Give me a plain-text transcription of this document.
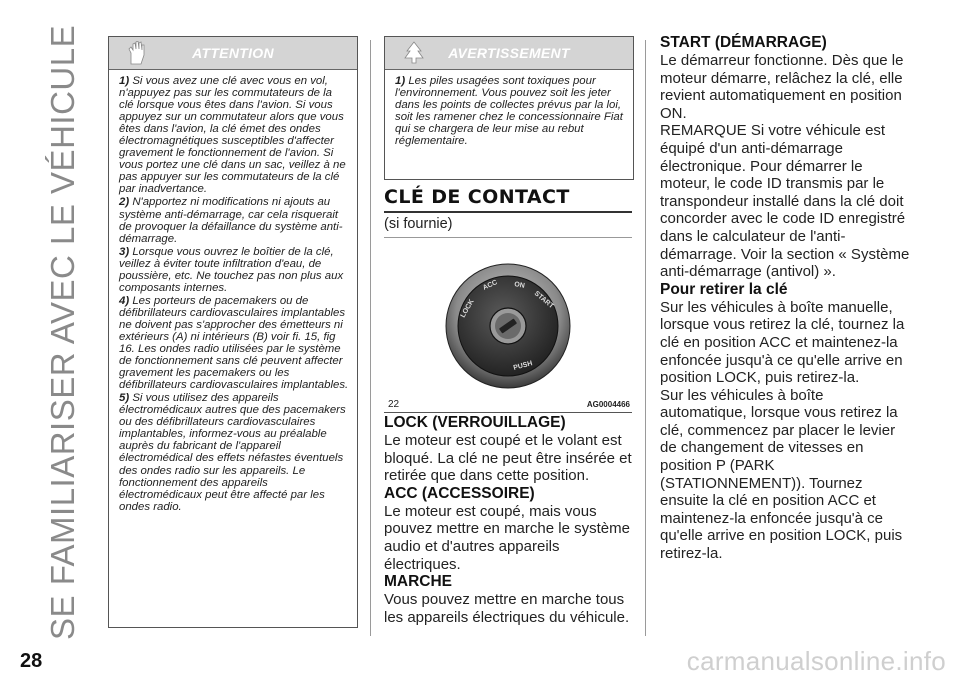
SE FAMILIARISER AVEC LE VÉHICULE	ATTENTION

1) Si vous avez une clé avec vous en vol, n'appuyez pas sur les commutateurs de la clé lorsque vous êtes dans l'avion. Si vous appuyez sur un commutateur alors que vous êtes dans l'avion, la clé émet des ondes électromagnétiques susceptibles d'affecter gravement le fonctionnement de l'avion. Si vous portez une clé dans un sac, veillez à ne pas appuyer sur les commutateurs de la clé par inadvertance.

2) N'apportez ni modifications ni ajouts au système anti-démarrage, car cela risquerait de provoquer la défaillance du système anti-démarrage.

3) Lorsque vous ouvrez le boîtier de la clé, veillez à éviter toute infiltration d'eau, de poussière, etc. Ne touchez pas non plus aux composants internes.

4) Les porteurs de pacemakers ou de défibrillateurs cardiovasculaires implantables ne doivent pas s'approcher des émetteurs ni extérieurs (A) ni intérieurs (B) voir fi. 15, fig 16. Les ondes radio utilisées par le système de fonctionnement sans clé peuvent affecter gravement les pacemakers ou les défibrillateurs cardiovasculaires implantables.

5) Si vous utilisez des appareils électromédicaux autres que des pacemakers ou des défibrillateurs cardiovasculaires implantables, informez-vous au préalable auprès du fabricant de l'appareil électromédical des effets néfastes éventuels des ondes radio sur les appareils. Le fonctionnement des appareils électromédicaux peut être affecté par les ondes radio.

AVERTISSEMENT

1) Les piles usagées sont toxiques pour l'environnement. Vous pouvez soit les jeter dans les points de collectes prévus par la loi, soit les ramener chez le concessionnaire Fiat qui se chargera de leur mise au rebut réglementaire.

CLÉ DE CONTACT
(si fournie)
LOCK
ACC ON
START
PUSH
22	AG0004466
LOCK (VERROUILLAGE)

Le moteur est coupé et le volant est bloqué. La clé ne peut être insérée et retirée que dans cette position.

ACC (ACCESSOIRE)

Le moteur est coupé, mais vous pouvez mettre en marche le système audio et d'autres appareils électriques.

MARCHE

Vous pouvez mettre en marche tous les appareils électriques du véhicule.

START (DÉMARRAGE)

Le démarreur fonctionne. Dès que le moteur démarre, relâchez la clé, elle revient automatiquement en position ON.

REMARQUE Si votre véhicule est équipé d'un anti-démarrage électronique. Pour démarrer le moteur, le code ID transmis par le transpondeur installé dans la clé doit concorder avec le code ID enregistré dans le calculateur de l'anti-démarrage. Voir la section « Système anti-démarrage (antivol) ».

Pour retirer la clé

Sur les véhicules à boîte manuelle, lorsque vous retirez la clé, tournez la clé en position ACC et maintenez-la enfoncée jusqu'à ce qu'elle arrive en position LOCK, puis retirez-la.

Sur les véhicules à boîte automatique, lorsque vous retirez la clé, commencez par placer le levier de changement de vitesses en position P (PARK (STATIONNEMENT)). Tournez ensuite la clé en position ACC et maintenez-la enfoncée jusqu'à ce qu'elle arrive en position LOCK, puis retirez-la.

28	carmanualsonline.info
